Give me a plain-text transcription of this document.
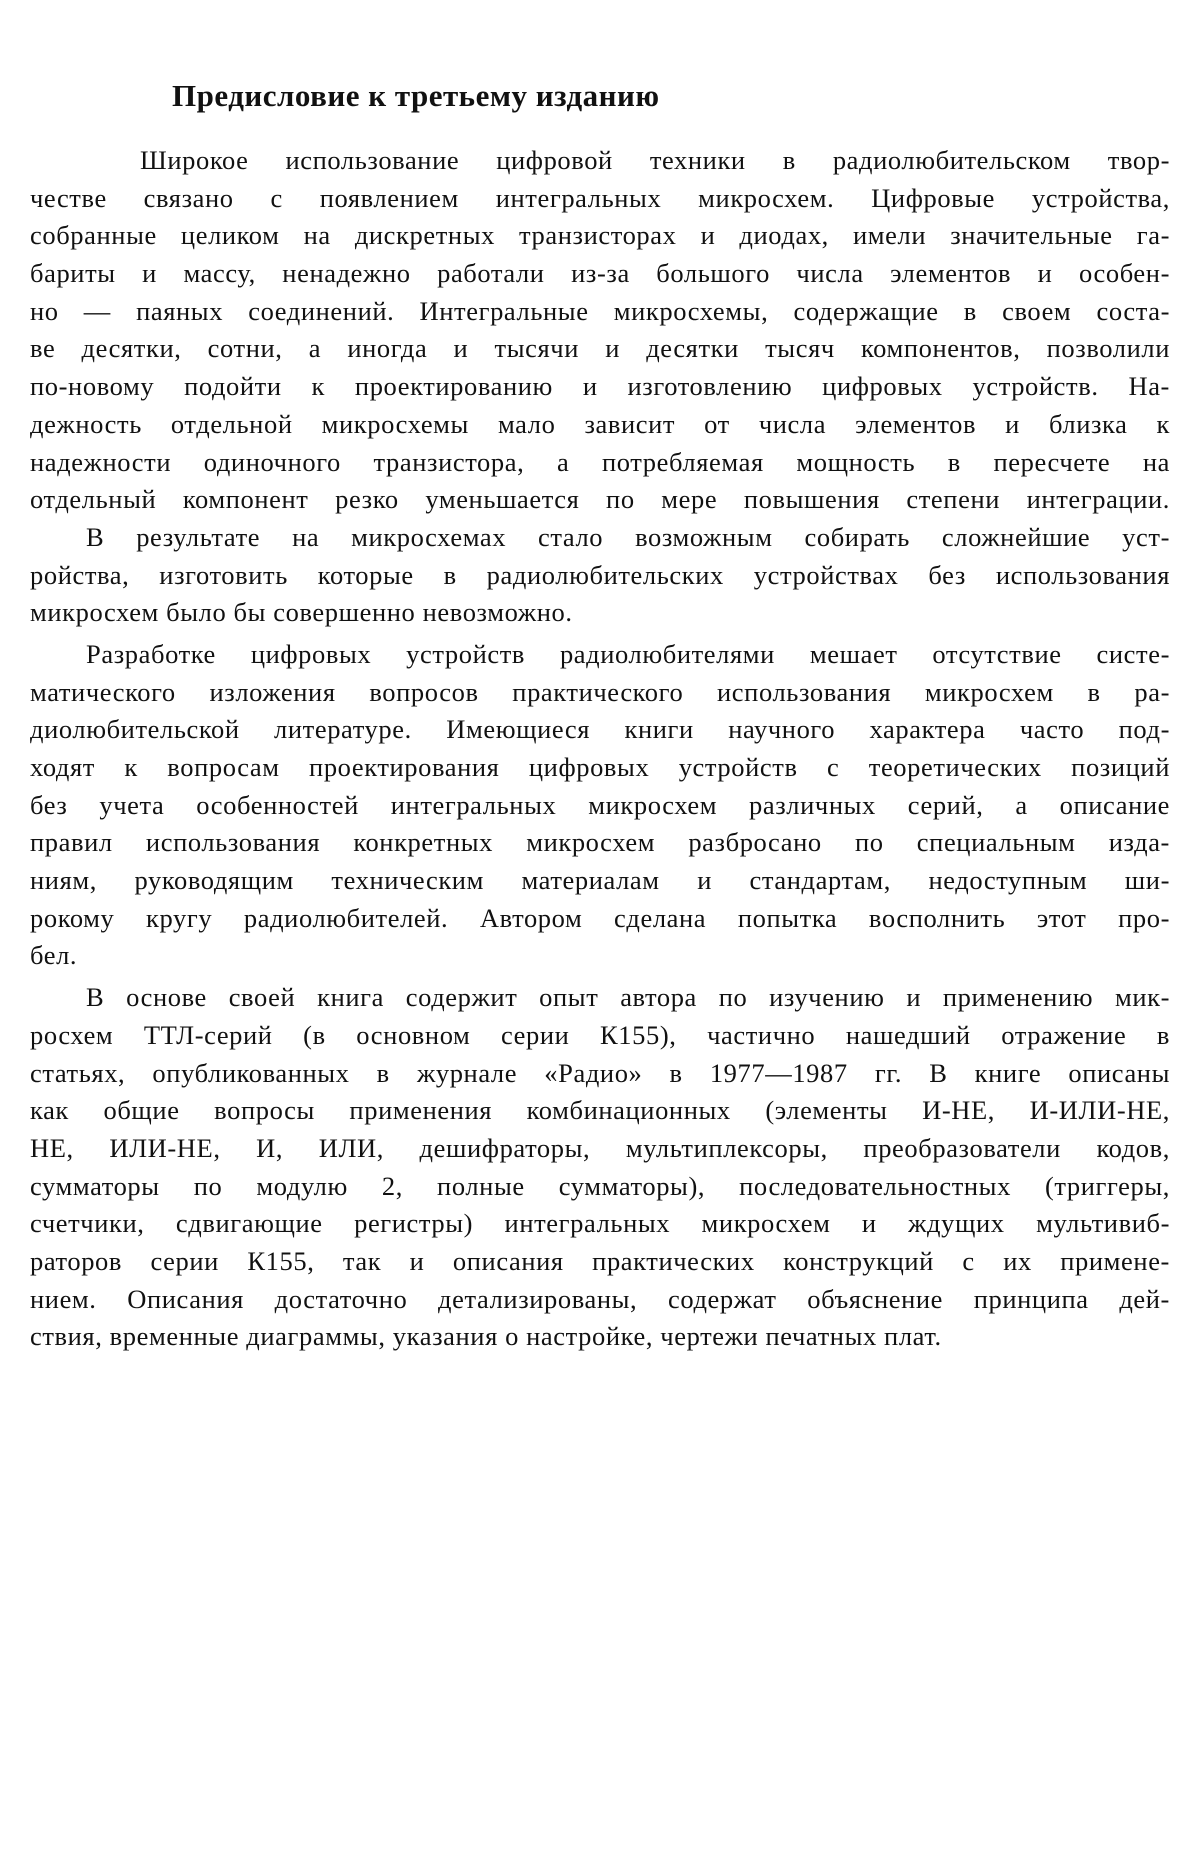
Предисловие к третьему изданию
Широкое использование цифровой техники в радиолюбительском твор-
честве связано с появлением интегральных микросхем. Цифровые устройства,
собранные целиком на дискретных транзисторах и диодах, имели значительные га-
бариты и массу, ненадежно работали из-за большого числа элементов и особен-
но — паяных соединений. Интегральные микросхемы, содержащие в своем соста-
ве десятки, сотни, а иногда и тысячи и десятки тысяч компонентов, позволили
по-новому подойти к проектированию и изготовлению цифровых устройств. На-
дежность отдельной микросхемы мало зависит от числа элементов и близка к
надежности одиночного транзистора, а потребляемая мощность в пересчете на
отдельный компонент резко уменьшается по мере повышения степени интеграции.
В результате на микросхемах стало возможным собирать сложнейшие уст-
ройства, изготовить которые в радиолюбительских устройствах без использования
микросхем было бы совершенно невозможно.
Разработке цифровых устройств радиолюбителями мешает отсутствие систе-
матического изложения вопросов практического использования микросхем в ра-
диолюбительской литературе. Имеющиеся книги научного характера часто под-
ходят к вопросам проектирования цифровых устройств с теоретических позиций
без учета особенностей интегральных микросхем различных серий, а описание
правил использования конкретных микросхем разбросано по специальным изда-
ниям, руководящим техническим материалам и стандартам, недоступным ши-
рокому кругу радиолюбителей. Автором сделана попытка восполнить этот про-
бел.
В основе своей книга содержит опыт автора по изучению и применению мик-
росхем ТТЛ-серий (в основном серии К155), частично нашедший отражение в
статьях, опубликованных в журнале «Радио» в 1977—1987 гг. В книге описаны
как общие вопросы применения комбинационных (элементы И-НЕ, И-ИЛИ-НЕ,
НЕ, ИЛИ-НЕ, И, ИЛИ, дешифраторы, мультиплексоры, преобразователи кодов,
сумматоры по модулю 2, полные сумматоры), последовательностных (триггеры,
счетчики, сдвигающие регистры) интегральных микросхем и ждущих мультивиб-
раторов серии К155, так и описания практических конструкций с их примене-
нием. Описания достаточно детализированы, содержат объяснение принципа дей-
ствия, временные диаграммы, указания о настройке, чертежи печатных плат.
